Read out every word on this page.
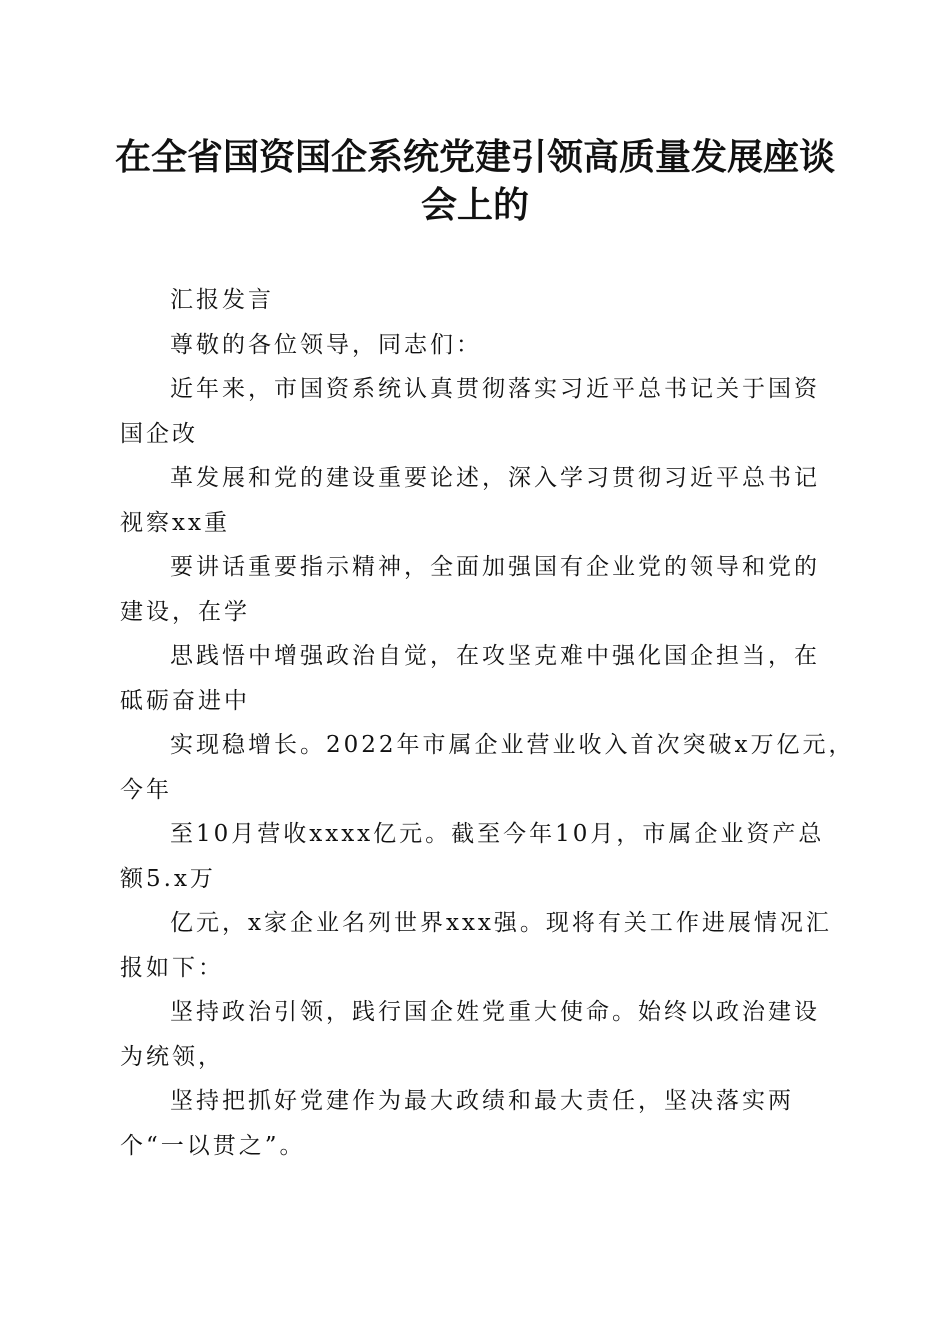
在全省国资国企系统党建引领高质量发展座谈
会上的

汇报发言

尊敬的各位领导，同志们：

近年来，市国资系统认真贯彻落实习近平总书记关于国资
国企改

革发展和党的建设重要论述，深入学习贯彻习近平总书记
视察xx重

要讲话重要指示精神，全面加强国有企业党的领导和党的
建设，在学

思践悟中增强政治自觉，在攻坚克难中强化国企担当，在
砥砺奋进中

实现稳增长。2022年市属企业营业收入首次突破x万亿元，
今年

至10月营收xxxx亿元。截至今年10月，市属企业资产总
额5.x万

亿元，x家企业名列世界xxx强。现将有关工作进展情况汇
报如下：

坚持政治引领，践行国企姓党重大使命。始终以政治建设
为统领，

坚持把抓好党建作为最大政绩和最大责任，坚决落实两
个“一以贯之”。
